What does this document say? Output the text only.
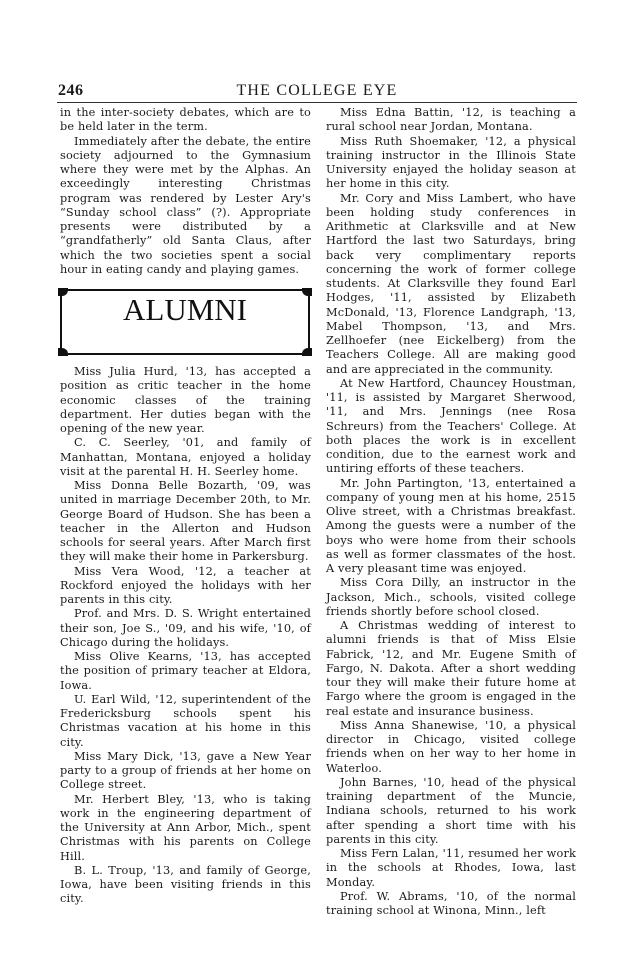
246	THE COLLEGE EYE

in the inter-society debates, which are to be held later in the term.

Immediately after the debate, the entire society adjourned to the Gymnasium where they were met by the Alphas. An exceedingly interesting Christmas program was rendered by Lester Ary's “Sunday school class” (?). Appropriate presents were distributed by a “grandfatherly” old Santa Claus, after which the two societies spent a social hour in eating candy and playing games.

ALUMNI

Miss Julia Hurd, '13, has accepted a position as critic teacher in the home economic classes of the training department. Her duties began with the opening of the new year.

C. C. Seerley, '01, and family of Manhattan, Montana, enjoyed a holiday visit at the parental H. H. Seerley home.

Miss Donna Belle Bozarth, '09, was united in marriage December 20th, to Mr. George Board of Hudson. She has been a teacher in the Allerton and Hudson schools for seeral years. After March first they will make their home in Parkersburg.

Miss Vera Wood, '12, a teacher at Rockford enjoyed the holidays with her parents in this city.

Prof. and Mrs. D. S. Wright entertained their son, Joe S., '09, and his wife, '10, of Chicago during the holidays.

Miss Olive Kearns, '13, has accepted the position of primary teacher at Eldora, Iowa.

U. Earl Wild, '12, superintendent of the Fredericksburg schools spent his Christmas vacation at his home in this city.

Miss Mary Dick, '13, gave a New Year party to a group of friends at her home on College street.

Mr. Herbert Bley, '13, who is taking work in the engineering department of the University at Ann Arbor, Mich., spent Christmas with his parents on College Hill.

B. L. Troup, '13, and family of George, Iowa, have been visiting friends in this city.

Miss Edna Battin, '12, is teaching a rural school near Jordan, Montana.

Miss Ruth Shoemaker, '12, a physical training instructor in the Illinois State University enjayed the holiday season at her home in this city.

Mr. Cory and Miss Lambert, who have been holding study conferences in Arithmetic at Clarksville and at New Hartford the last two Saturdays, bring back very complimentary reports concerning the work of former college students. At Clarksville they found Earl Hodges, '11, assisted by Elizabeth McDonald, '13, Florence Landgraph, '13, Mabel Thompson, '13, and Mrs. Zellhoefer (nee Eickelberg) from the Teachers College. All are making good and are appreciated in the community.

At New Hartford, Chauncey Houstman, '11, is assisted by Margaret Sherwood, '11, and Mrs. Jennings (nee Rosa Schreurs) from the Teachers' College. At both places the work is in excellent condition, due to the earnest work and untiring efforts of these teachers.

Mr. John Partington, '13, entertained a company of young men at his home, 2515 Olive street, with a Christmas breakfast. Among the guests were a number of the boys who were home from their schools as well as former classmates of the host. A very pleasant time was enjoyed.

Miss Cora Dilly, an instructor in the Jackson, Mich., schools, visited college friends shortly before school closed.

A Christmas wedding of interest to alumni friends is that of Miss Elsie Fabrick, '12, and Mr. Eugene Smith of Fargo, N. Dakota. After a short wedding tour they will make their future home at Fargo where the groom is engaged in the real estate and insurance business.

Miss Anna Shanewise, '10, a physical director in Chicago, visited college friends when on her way to her home in Waterloo.

John Barnes, '10, head of the physical training department of the Muncie, Indiana schools, returned to his work after spending a short time with his parents in this city.

Miss Fern Lalan, '11, resumed her work in the schools at Rhodes, Iowa, last Monday.

Prof. W. Abrams, '10, of the normal training school at Winona, Minn., left
